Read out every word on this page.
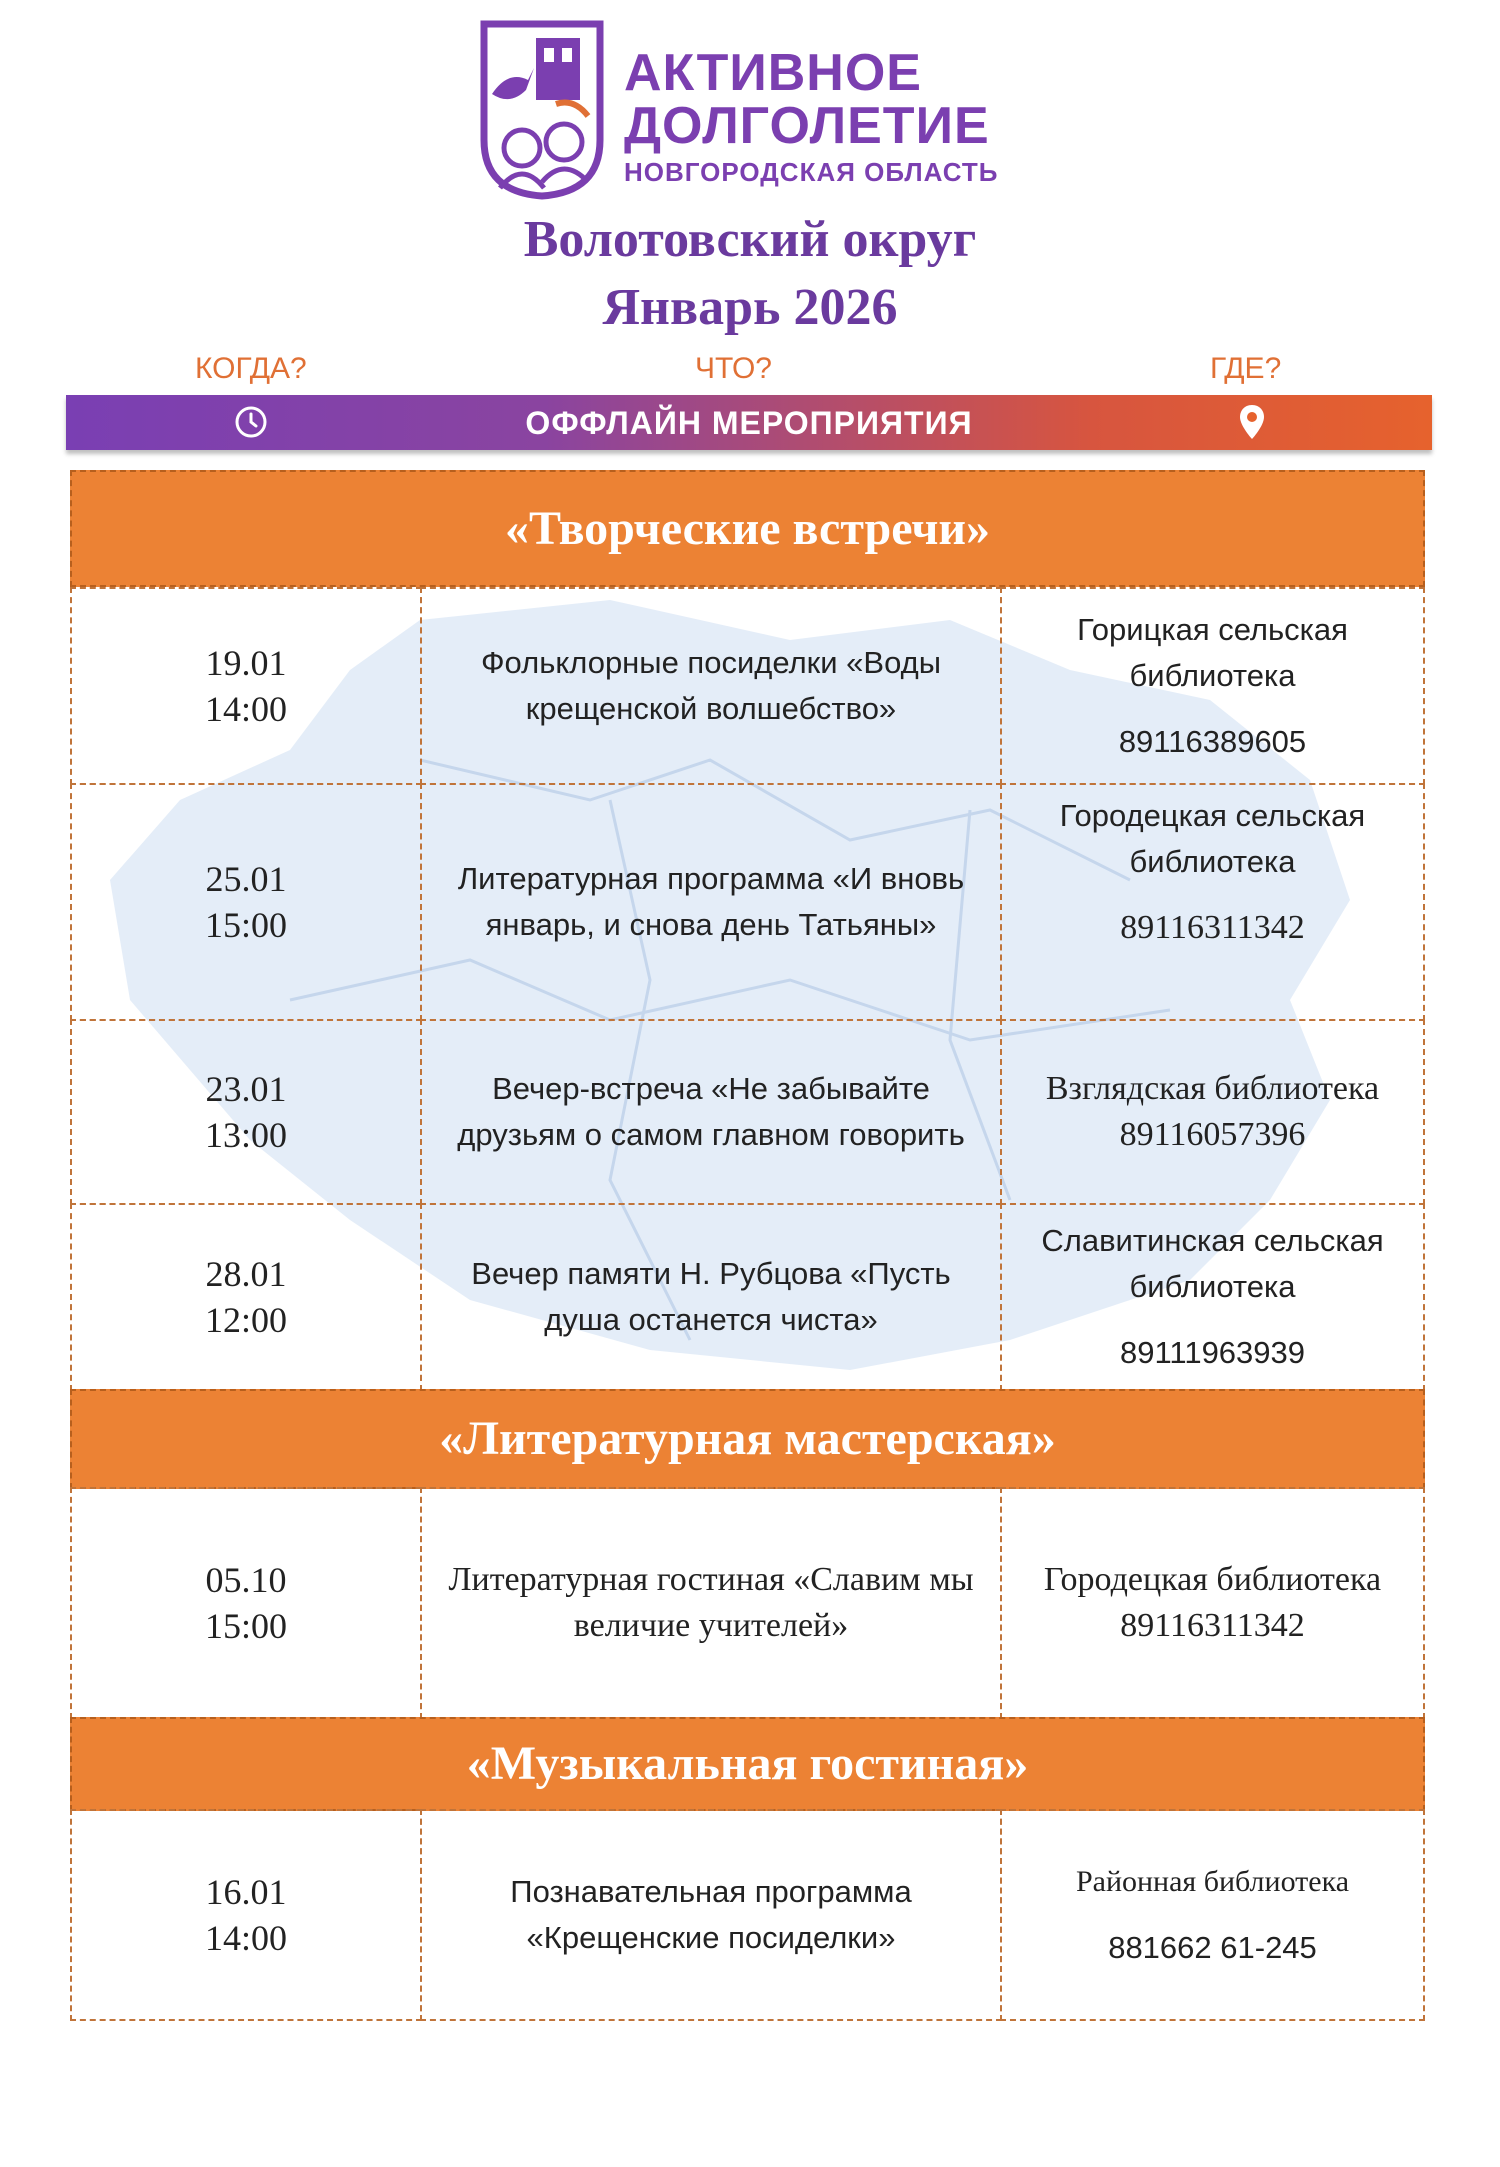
АКТИВНОЕ
ДОЛГОЛЕТИЕ
НОВГОРОДСКАЯ ОБЛАСТЬ
Волотовский округ
Январь 2026
КОГДА?	ЧТО?	ГДЕ?
ОФФЛАЙН МЕРОПРИЯТИЯ
«Творческие встречи»
19.01
14:00
Фольклорные посиделки «Воды крещенской волшебство»
Горицкая сельская библиотека
89116389605
25.01
15:00
Литературная программа «И вновь январь, и снова день Татьяны»
Городецкая сельская библиотека
89116311342
23.01
13:00
Вечер-встреча «Не забывайте друзьям о самом главном говорить
Взглядская библиотека
89116057396
28.01
12:00
Вечер памяти Н. Рубцова «Пусть душа останется чиста»
Славитинская сельская библиотека
89111963939
«Литературная мастерская»
05.10
15:00
Литературная гостиная «Славим мы величие учителей»
Городецкая библиотека
89116311342
«Музыкальная гостиная»
16.01
14:00
Познавательная программа «Крещенские посиделки»
Районная библиотека
881662 61-245
